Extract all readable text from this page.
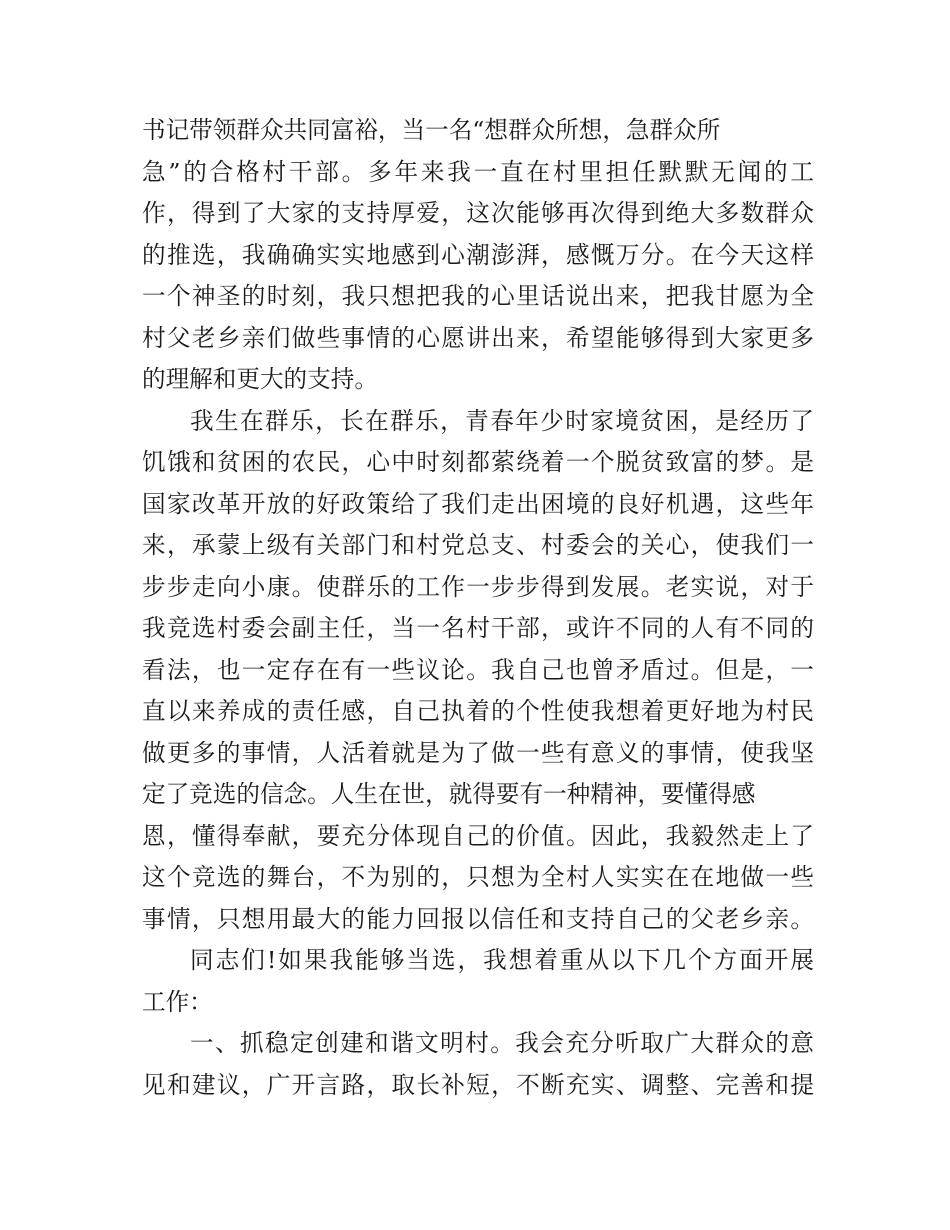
书记带领群众共同富裕，当一名“想群众所想，急群众所
急”的合格村干部。多年来我一直在村里担任默默无闻的工
作，得到了大家的支持厚爱，这次能够再次得到绝大多数群众
的推选，我确确实实地感到心潮澎湃，感慨万分。在今天这样
一个神圣的时刻，我只想把我的心里话说出来，把我甘愿为全
村父老乡亲们做些事情的心愿讲出来，希望能够得到大家更多
的理解和更大的支持。
我生在群乐，长在群乐，青春年少时家境贫困，是经历了
饥饿和贫困的农民，心中时刻都萦绕着一个脱贫致富的梦。是
国家改革开放的好政策给了我们走出困境的良好机遇，这些年
来，承蒙上级有关部门和村党总支、村委会的关心，使我们一
步步走向小康。使群乐的工作一步步得到发展。老实说，对于
我竞选村委会副主任，当一名村干部，或许不同的人有不同的
看法，也一定存在有一些议论。我自己也曾矛盾过。但是，一
直以来养成的责任感，自己执着的个性使我想着更好地为村民
做更多的事情，人活着就是为了做一些有意义的事情，使我坚
定了竞选的信念。人生在世，就得要有一种精神，要懂得感
恩，懂得奉献，要充分体现自己的价值。因此，我毅然走上了
这个竞选的舞台，不为别的，只想为全村人实实在在地做一些
事情，只想用最大的能力回报以信任和支持自己的父老乡亲。
同志们!如果我能够当选，我想着重从以下几个方面开展
工作：
一、抓稳定创建和谐文明村。我会充分听取广大群众的意
见和建议，广开言路，取长补短，不断充实、调整、完善和提
